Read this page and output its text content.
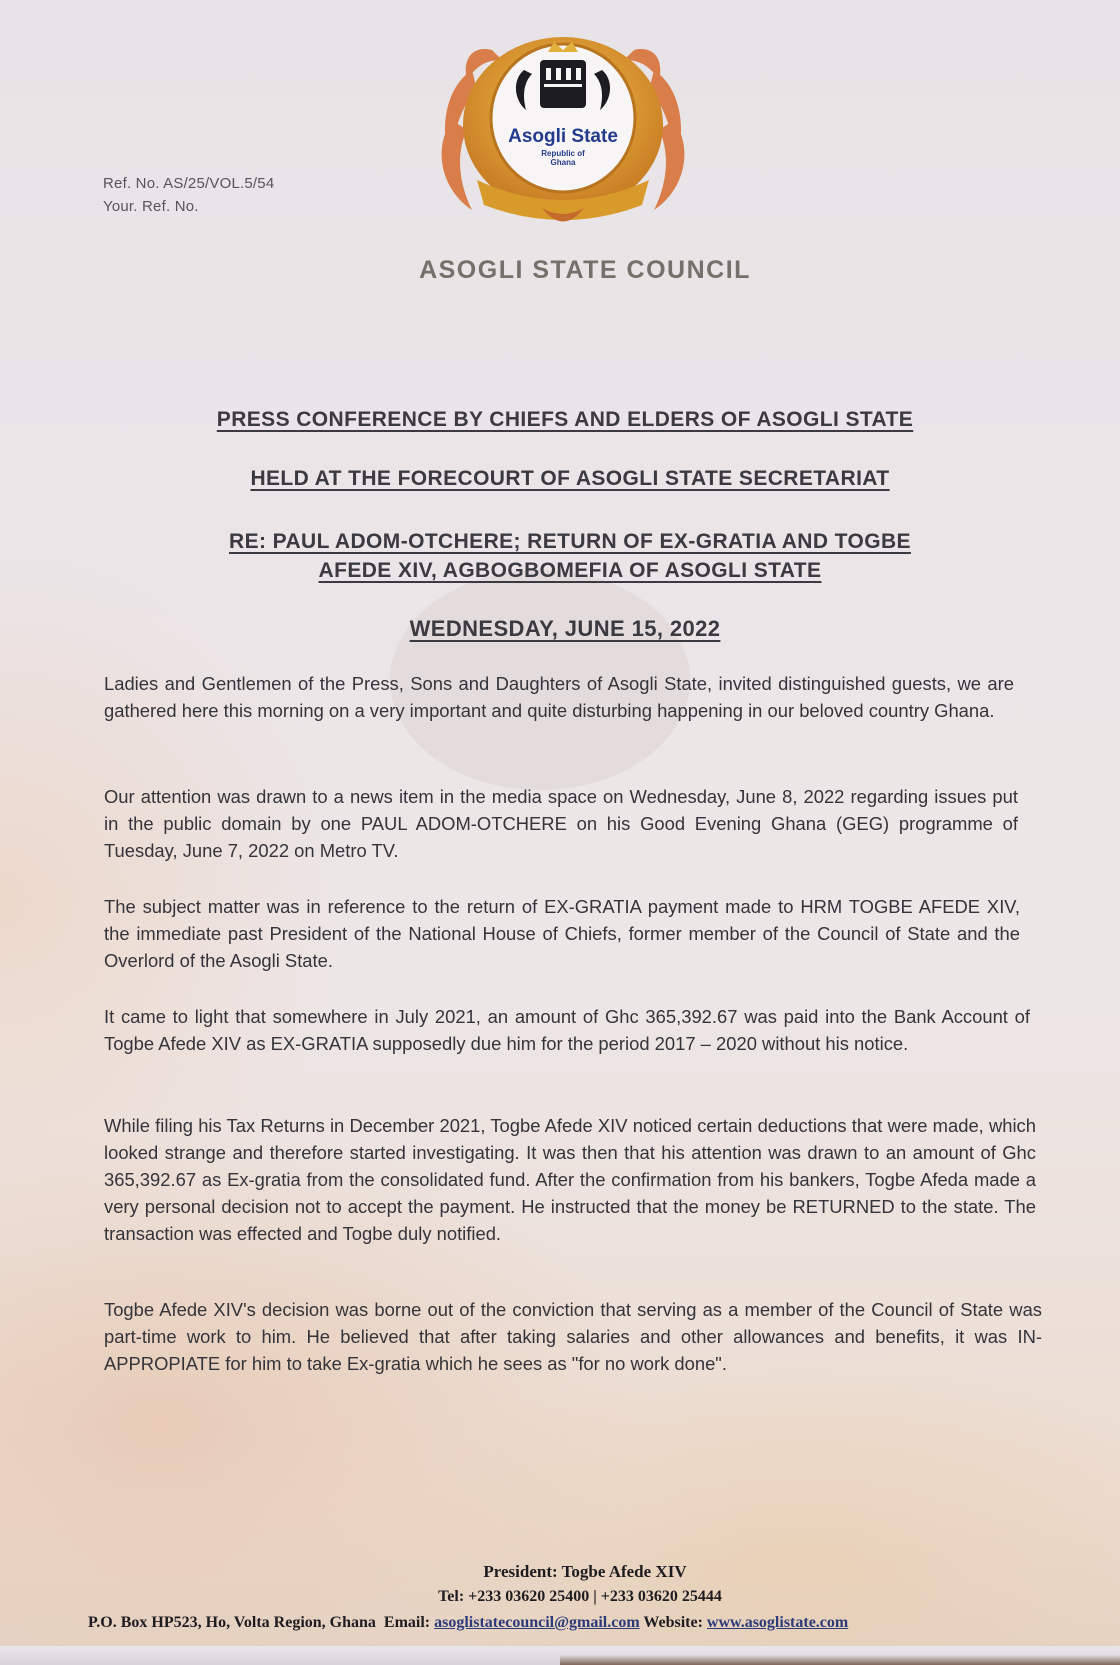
Ref. No. AS/25/VOL.5/54
Your. Ref. No.
Asogli State
Republic of
Ghana
ASOGLI STATE COUNCIL
PRESS CONFERENCE BY CHIEFS AND ELDERS OF ASOGLI STATE
HELD AT THE FORECOURT OF ASOGLI STATE SECRETARIAT
RE: PAUL ADOM-OTCHERE; RETURN OF EX-GRATIA AND TOGBE
AFEDE XIV, AGBOGBOMEFIA OF ASOGLI STATE
WEDNESDAY, JUNE 15, 2022

Ladies and Gentlemen of the Press, Sons and Daughters of Asogli State, invited distinguished guests, we are gathered here this morning on a very important and quite disturbing happening in our beloved country Ghana.

Our attention was drawn to a news item in the media space on Wednesday, June 8, 2022 regarding issues put in the public domain by one PAUL ADOM-OTCHERE on his Good Evening Ghana (GEG) programme of Tuesday, June 7, 2022 on Metro TV.

The subject matter was in reference to the return of EX-GRATIA payment made to HRM TOGBE AFEDE XIV, the immediate past President of the National House of Chiefs, former member of the Council of State and the Overlord of the Asogli State.

It came to light that somewhere in July 2021, an amount of Ghc 365,392.67 was paid into the Bank Account of Togbe Afede XIV as EX-GRATIA supposedly due him for the period 2017 – 2020 without his notice.

While filing his Tax Returns in December 2021, Togbe Afede XIV noticed certain deductions that were made, which looked strange and therefore started investigating. It was then that his attention was drawn to an amount of Ghc 365,392.67 as Ex-gratia from the consolidated fund. After the confirmation from his bankers, Togbe Afeda made a very personal decision not to accept the payment. He instructed that the money be RETURNED to the state. The transaction was effected and Togbe duly notified.

Togbe Afede XIV's decision was borne out of the conviction that serving as a member of the Council of State was part-time work to him. He believed that after taking salaries and other allowances and benefits, it was IN-APPROPIATE for him to take Ex-gratia which he sees as "for no work done".

President: Togbe Afede XIV
Tel: +233 03620 25400 | +233 03620 25444
P.O. Box HP523, Ho, Volta Region, Ghana Email: asoglistatecouncil@gmail.com Website: www.asoglistate.com
